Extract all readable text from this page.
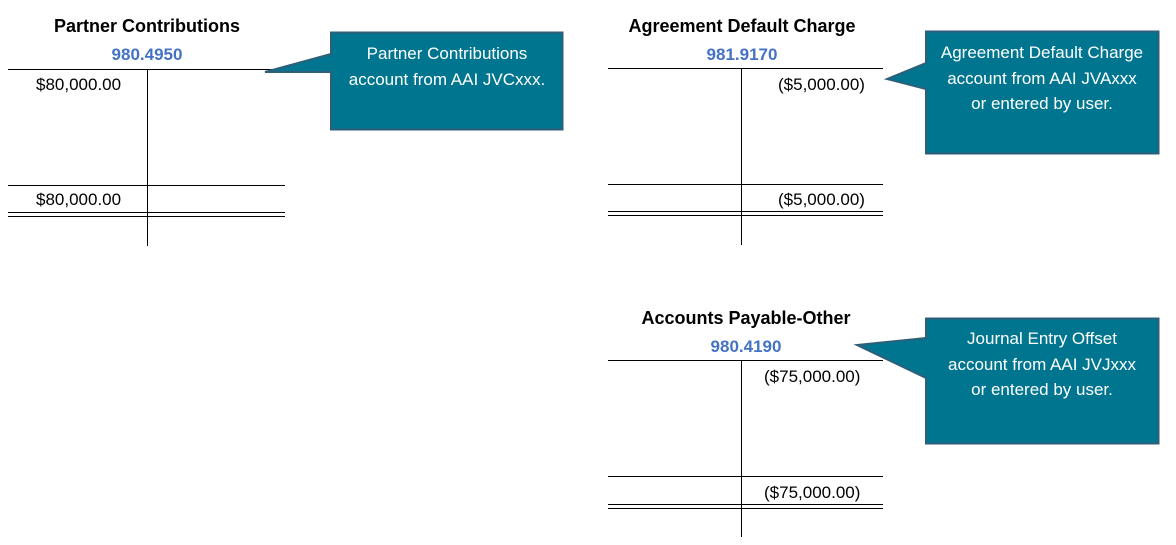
Partner Contributions
980.4950
$80,000.00
$80,000.00
Agreement Default Charge
981.9170
($5,000.00)
($5,000.00)
Accounts Payable-Other
980.4190
($75,000.00)
($75,000.00)
Partner Contributions account from AAI JVCxxx.
Agreement Default Charge account from AAI JVAxxx or entered by user.
Journal Entry Offset account from AAI JVJxxx or entered by user.
